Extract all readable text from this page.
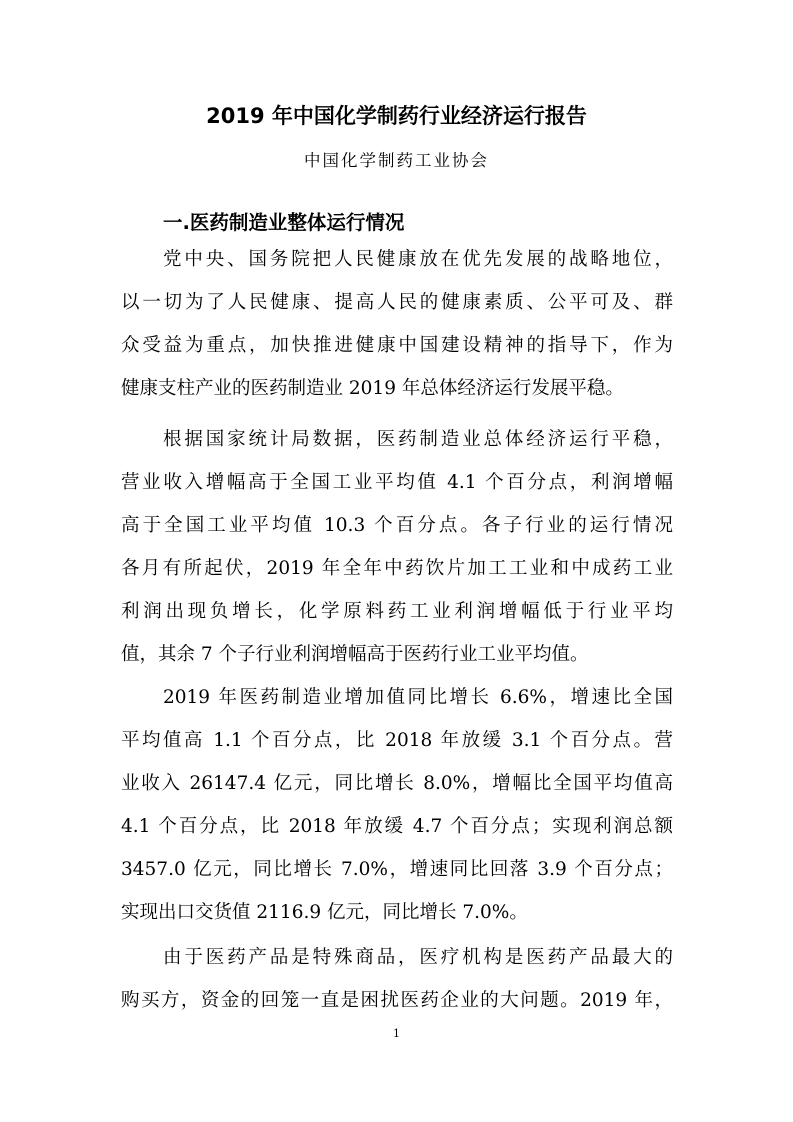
2019 年中国化学制药行业经济运行报告
中国化学制药工业协会
一.医药制造业整体运行情况
党中央、国务院把人民健康放在优先发展的战略地位，
以一切为了人民健康、提高人民的健康素质、公平可及、群
众受益为重点，加快推进健康中国建设精神的指导下，作为
健康支柱产业的医药制造业 2019 年总体经济运行发展平稳。
根据国家统计局数据，医药制造业总体经济运行平稳，
营业收入增幅高于全国工业平均值 4.1 个百分点，利润增幅
高于全国工业平均值 10.3 个百分点。各子行业的运行情况
各月有所起伏，2019 年全年中药饮片加工工业和中成药工业
利润出现负增长，化学原料药工业利润增幅低于行业平均
值，其余 7 个子行业利润增幅高于医药行业工业平均值。
2019 年医药制造业增加值同比增长 6.6%，增速比全国
平均值高 1.1 个百分点，比 2018 年放缓 3.1 个百分点。营
业收入 26147.4 亿元，同比增长 8.0%，增幅比全国平均值高
4.1 个百分点，比 2018 年放缓 4.7 个百分点；实现利润总额
3457.0 亿元，同比增长 7.0%，增速同比回落 3.9 个百分点；
实现出口交货值 2116.9 亿元，同比增长 7.0%。
由于医药产品是特殊商品，医疗机构是医药产品最大的
购买方，资金的回笼一直是困扰医药企业的大问题。2019 年，
1
